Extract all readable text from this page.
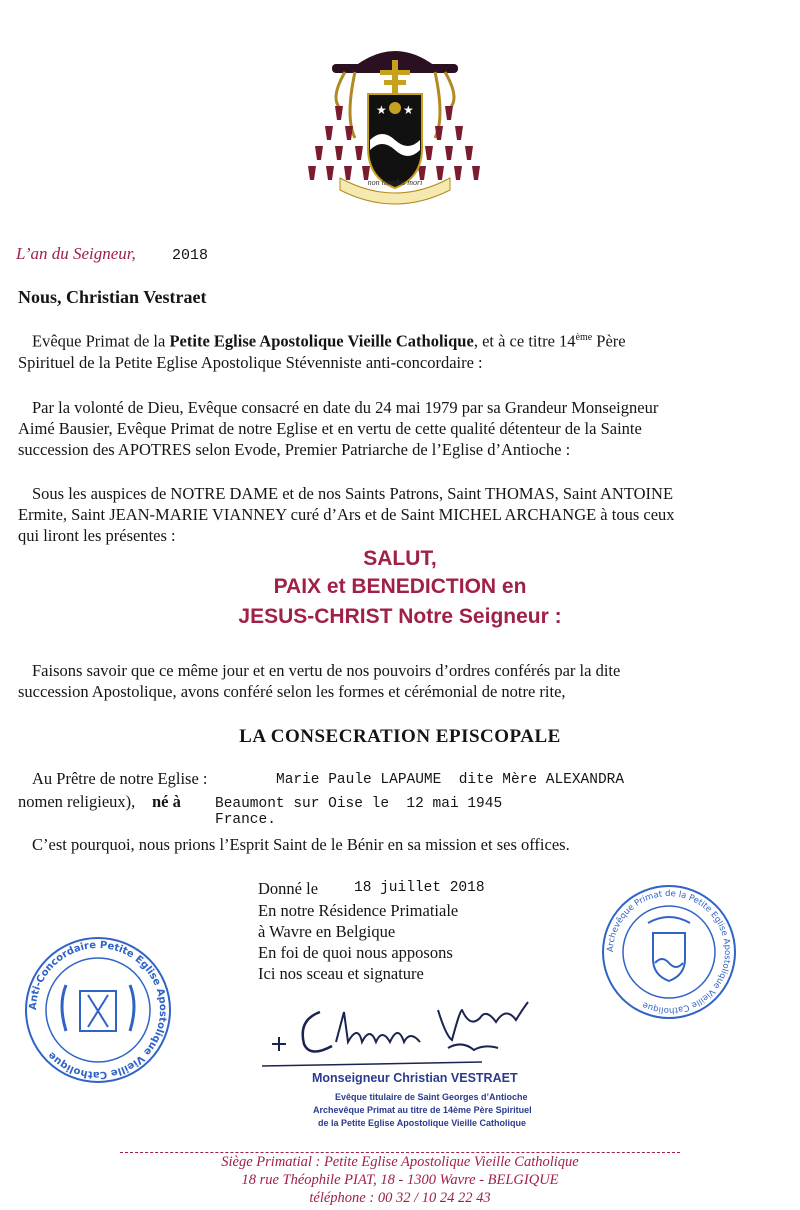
★ ★
non timidus mori
L’an du Seigneur, 2018
Nous, Christian Vestraet
Evêque Primat de la Petite Eglise Apostolique Vieille Catholique, et à ce titre 14ème Père
Spirituel de la Petite Eglise Apostolique Stévenniste anti-concordaire :
Par la volonté de Dieu, Evêque consacré en date du 24 mai 1979 par sa Grandeur Monseigneur
Aimé Bausier, Evêque Primat de notre Eglise et en vertu de cette qualité détenteur de la Sainte
succession des APOTRES selon Evode, Premier Patriarche de l’Eglise d’Antioche :
Sous les auspices de NOTRE DAME et de nos Saints Patrons, Saint THOMAS, Saint ANTOINE
Ermite, Saint JEAN-MARIE VIANNEY curé d’Ars et de Saint MICHEL ARCHANGE à tous ceux
qui liront les présentes :
SALUT,
PAIX et BENEDICTION en
JESUS-CHRIST Notre Seigneur :
Faisons savoir que ce même jour et en vertu de nos pouvoirs d’ordres conférés par la dite
succession Apostolique, avons conféré selon les formes et cérémonial de notre rite,
LA CONSECRATION EPISCOPALE
Au Prêtre de notre Eglise :	Marie Paule LAPAUME  dite Mère ALEXANDRA
nomen religieux), né à Beaumont sur Oise le  12 mai 1945
France.
C’est pourquoi, nous prions l’Esprit Saint de le Bénir en sa mission et ses offices.
Donné le 18 juillet 2018
En notre Résidence Primatiale
à Wavre en Belgique
En foi de quoi nous apposons
Ici nos sceau et signature
Anti-Concordaire Petite Eglise Apostolique Vieille Catholique
Archevêque Primat de la Petite Eglise Apostolique Vieille Catholique
Monseigneur Christian VESTRAET
Evêque titulaire de Saint Georges d’Antioche
Archevêque Primat au titre de 14ème Père Spirituel
de la Petite Eglise Apostolique Vieille Catholique
Siège Primatial : Petite Eglise Apostolique Vieille Catholique
18 rue Théophile PIAT, 18 - 1300 Wavre - BELGIQUE
téléphone : 00 32 / 10 24 22 43
